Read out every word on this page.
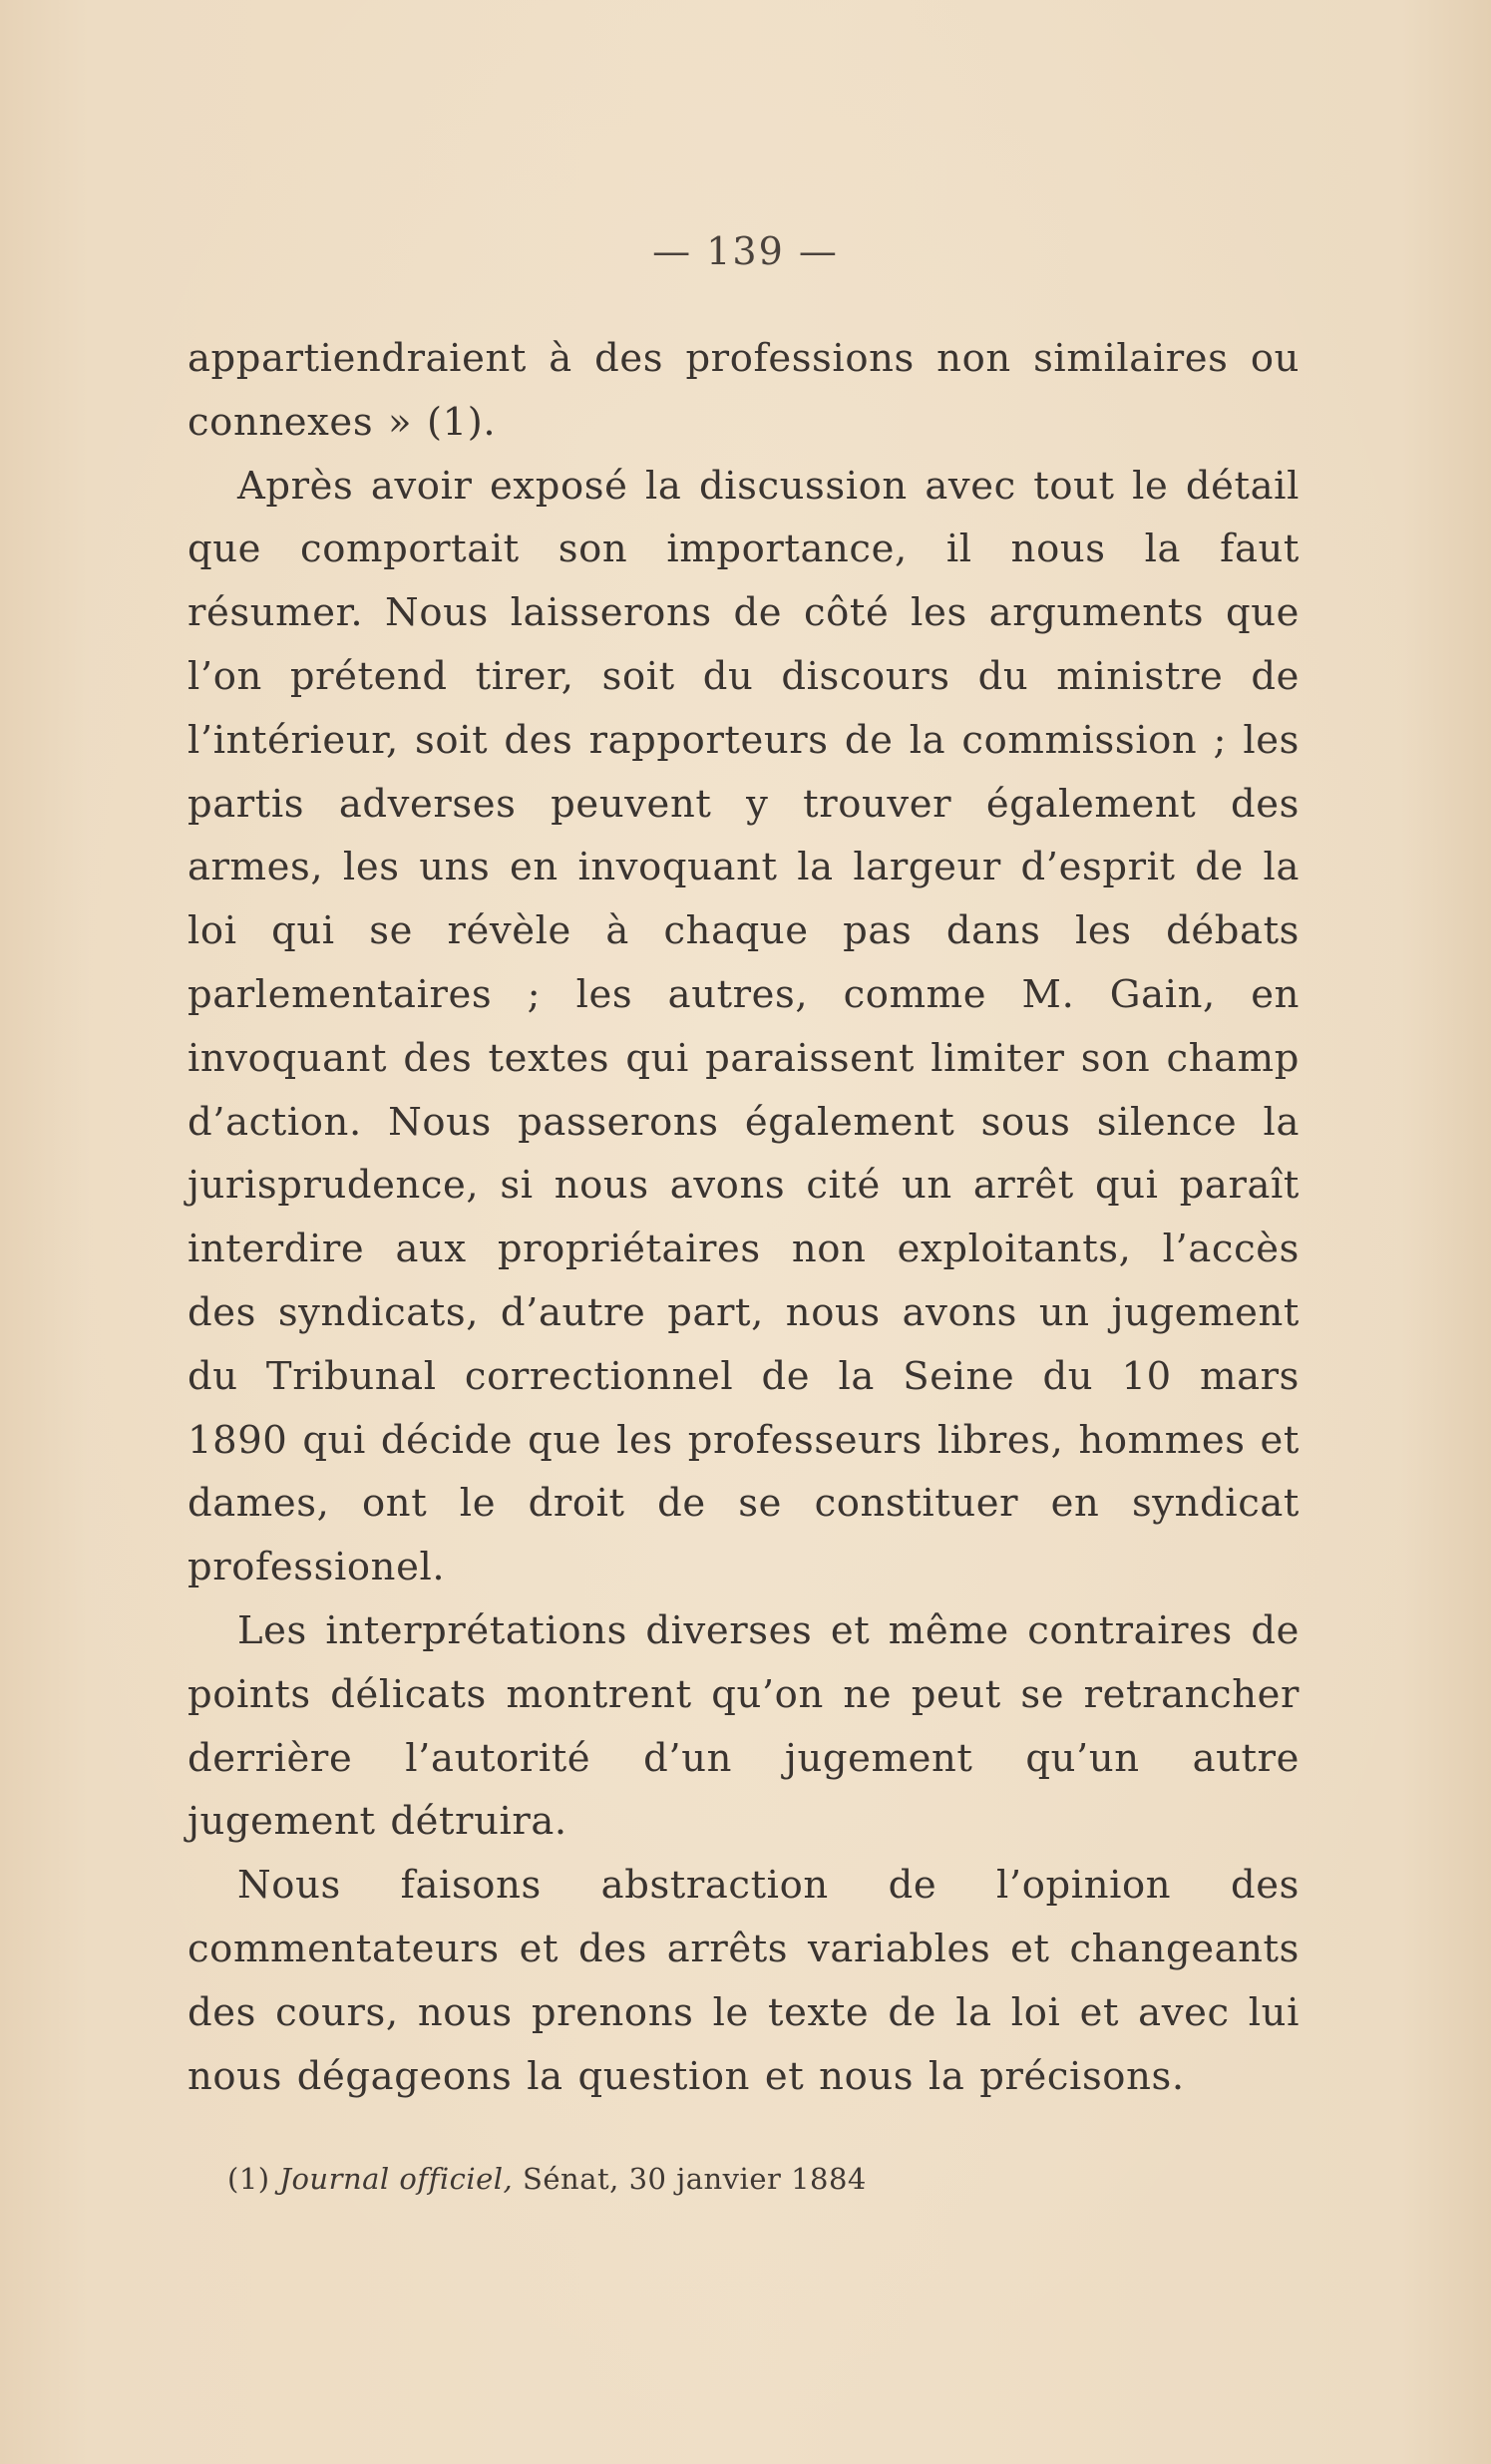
— 139 —

appartiendraient à des professions non similaires ou connexes » (1).

Après avoir exposé la discussion avec tout le détail que comportait son importance, il nous la faut résumer. Nous laisserons de côté les arguments que l’on prétend tirer, soit du discours du ministre de l’intérieur, soit des rapporteurs de la commission ; les partis adverses peuvent y trouver également des armes, les uns en invoquant la largeur d’esprit de la loi qui se révèle à chaque pas dans les débats parlementaires ; les autres, comme M. Gain, en invoquant des textes qui paraissent limiter son champ d’action. Nous passerons également sous silence la jurisprudence, si nous avons cité un arrêt qui paraît interdire aux propriétaires non exploitants, l’accès des syndicats, d’autre part, nous avons un jugement du Tribunal correctionnel de la Seine du 10 mars 1890 qui décide que les professeurs libres, hommes et dames, ont le droit de se constituer en syndicat professionel.

Les interprétations diverses et même contraires de points délicats montrent qu’on ne peut se retrancher derrière l’autorité d’un jugement qu’un autre jugement détruira.

Nous faisons abstraction de l’opinion des commentateurs et des arrêts variables et changeants des cours, nous prenons le texte de la loi et avec lui nous dégageons la question et nous la précisons.

(1) Journal officiel, Sénat, 30 janvier 1884
